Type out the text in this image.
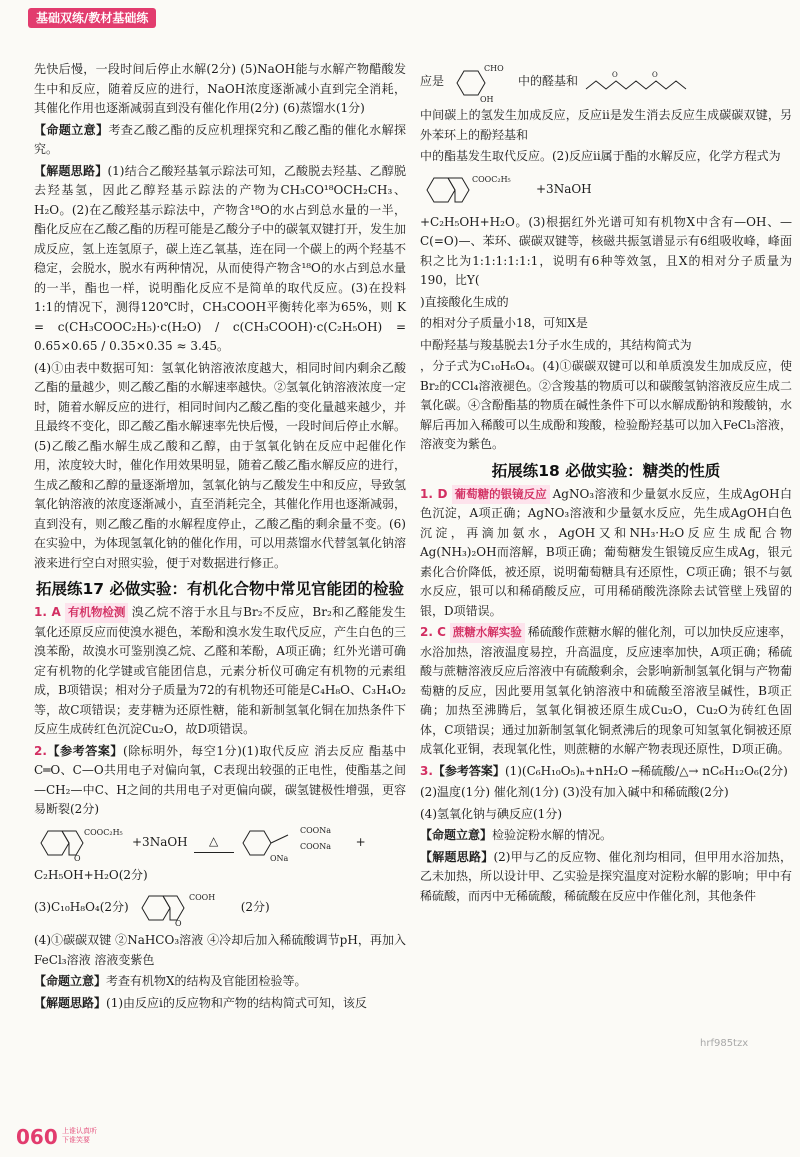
基础双练/教材基础练

先快后慢，一段时间后停止水解(2分) (5)NaOH能与水解产物醋酸发生中和反应，随着反应的进行，NaOH浓度逐渐减小直到完全消耗，其催化作用也逐渐减弱直到没有催化作用(2分) (6)蒸馏水(1分)

【命题立意】考查乙酸乙酯的反应机理探究和乙酸乙酯的催化水解探究。

【解题思路】(1)结合乙酸羟基氧示踪法可知，乙酸脱去羟基、乙醇脱去羟基氢，因此乙醇羟基示踪法的产物为CH₃CO¹⁸OCH₂CH₃、H₂O。(2)在乙酸羟基示踪法中，产物含¹⁸O的水占到总水量的一半，酯化反应在乙酸乙酯的历程可能是乙酸分子中的碳氧双键打开，发生加成反应，氢上连氢原子，碳上连乙氧基，连在同一个碳上的两个羟基不稳定，会脱水，脱水有两种情况，从而使得产物含¹⁸O的水占到总水量的一半，酯也一样，说明酯化反应不是简单的取代反应。(3)在投料1:1的情况下，测得120℃时，CH₃COOH平衡转化率为65%，则 K = c(CH₃COOC₂H₅)·c(H₂O) / c(CH₃COOH)·c(C₂H₅OH) = 0.65×0.65 / 0.35×0.35 ≈ 3.45。

(4)①由表中数据可知：氢氧化钠溶液浓度越大，相同时间内剩余乙酸乙酯的量越少，则乙酸乙酯的水解速率越快。②氢氧化钠溶液浓度一定时，随着水解反应的进行，相同时间内乙酸乙酯的变化量越来越少，并且最终不变化，即乙酸乙酯水解速率先快后慢，一段时间后停止水解。(5)乙酸乙酯水解生成乙酸和乙醇，由于氢氧化钠在反应中起催化作用，浓度较大时，催化作用效果明显，随着乙酸乙酯水解反应的进行，生成乙酸和乙醇的量逐渐增加，氢氧化钠与乙酸发生中和反应，导致氢氧化钠溶液的浓度逐渐减小，直至消耗完全，其催化作用也逐渐减弱，直到没有，则乙酸乙酯的水解程度停止，乙酸乙酯的剩余量不变。(6)在实验中，为体现氢氧化钠的催化作用，可以用蒸馏水代替氢氧化钠溶液来进行空白对照实验，便于对数据进行修正。

拓展练17 必做实验：有机化合物中常见官能团的检验

1. A 有机物检测 溴乙烷不溶于水且与Br₂不反应，Br₂和乙醛能发生氧化还原反应而使溴水褪色，苯酚和溴水发生取代反应，产生白色的三溴苯酚，故溴水可鉴别溴乙烷、乙醛和苯酚，A项正确；红外光谱可确定有机物的化学键或官能团信息，元素分析仪可确定有机物的元素组成，B项错误；相对分子质量为72的有机物还可能是C₄H₈O、C₃H₄O₂等，故C项错误；麦芽糖为还原性糖，能和新制氢氧化铜在加热条件下反应生成砖红色沉淀Cu₂O，故D项错误。

2.【参考答案】(除标明外，每空1分)(1)取代反应 消去反应 酯基中C═O、C—O共用电子对偏向氧，C表现出较强的正电性，使酯基之间—CH₂—中C、H之间的共用电子对更偏向碳，碳氢键极性增强，更容易断裂(2分)

COOC₂H₅
O
+3NaOH	△
COONa
COONa
ONa
+

C₂H₅OH+H₂O(2分)

(3)C₁₀H₈O₄(2分)
COOH
O
(2分)

(4)①碳碳双键 ②NaHCO₃溶液 ④冷却后加入稀硫酸调节pH，再加入FeCl₃溶液 溶液变紫色

【命题立意】考查有机物X的结构及官能团检验等。

【解题思路】(1)由反应ⅰ的反应物和产物的结构简式可知，该反

应是
CHO
OH
中的醛基和	O	O

中间碳上的氢发生加成反应，反应ⅱ是发生消去反应生成碳碳双键，另外苯环上的酚羟基和

中的酯基发生取代反应。(2)反应ⅱ属于酯的水解反应，化学方程式为

COOC₂H₅
+3NaOH

+C₂H₅OH+H₂O。(3)根据红外光谱可知有机物X中含有—OH、—C(=O)—、苯环、碳碳双键等，核磁共振氢谱显示有6组吸收峰，峰面积之比为1:1:1:1:1:1，说明有6种等效氢，且X的相对分子质量为190，比Y(

)直接酸化生成的

的相对分子质量小18，可知X是

中酚羟基与羧基脱去1分子水生成的，其结构简式为

，分子式为C₁₀H₆O₄。(4)①碳碳双键可以和单质溴发生加成反应，使Br₂的CCl₄溶液褪色。②含羧基的物质可以和碳酸氢钠溶液反应生成二氧化碳。④含酚酯基的物质在碱性条件下可以水解成酚钠和羧酸钠，水解后再加入稀酸可以生成酚和羧酸，检验酚羟基可以加入FeCl₃溶液，溶液变为紫色。

拓展练18 必做实验：糖类的性质

1. D 葡萄糖的银镜反应 AgNO₃溶液和少量氨水反应，生成AgOH白色沉淀，A项正确；AgNO₃溶液和少量氨水反应，先生成AgOH白色沉淀，再滴加氨水，AgOH又和NH₃·H₂O反应生成配合物Ag(NH₃)₂OH而溶解，B项正确；葡萄糖发生银镜反应生成Ag，银元素化合价降低，被还原，说明葡萄糖具有还原性，C项正确；银不与氨水反应，银可以和稀硝酸反应，可用稀硝酸洗涤除去试管壁上残留的银，D项错误。

2. C 蔗糖水解实验 稀硫酸作蔗糖水解的催化剂，可以加快反应速率，水浴加热，溶液温度易控，升高温度，反应速率加快，A项正确；稀硫酸与蔗糖溶液反应后溶液中有硫酸剩余，会影响新制氢氧化铜与产物葡萄糖的反应，因此要用氢氧化钠溶液中和硫酸至溶液呈碱性，B项正确；加热至沸腾后，氢氧化铜被还原生成Cu₂O，Cu₂O为砖红色固体，C项错误；通过加新制氢氧化铜煮沸后的现象可知氢氧化铜被还原成氧化亚铜，表现氧化性，则蔗糖的水解产物表现还原性，D项正确。

3.【参考答案】(1)(C₆H₁₀O₅)ₙ+nH₂O ─稀硫酸/△→ nC₆H₁₂O₆(2分)

(2)温度(1分) 催化剂(1分) (3)没有加入碱中和稀硫酸(2分)

(4)氢氧化钠与碘反应(1分)

【命题立意】检验淀粉水解的情况。

【解题思路】(2)甲与乙的反应物、催化剂均相同，但甲用水浴加热，乙未加热，所以设计甲、乙实验是探究温度对淀粉水解的影响；甲中有稀硫酸，而丙中无稀硫酸，稀硫酸在反应中作催化剂，其他条件

060 上谁认真听
下谁笑要
hrf985tzx
